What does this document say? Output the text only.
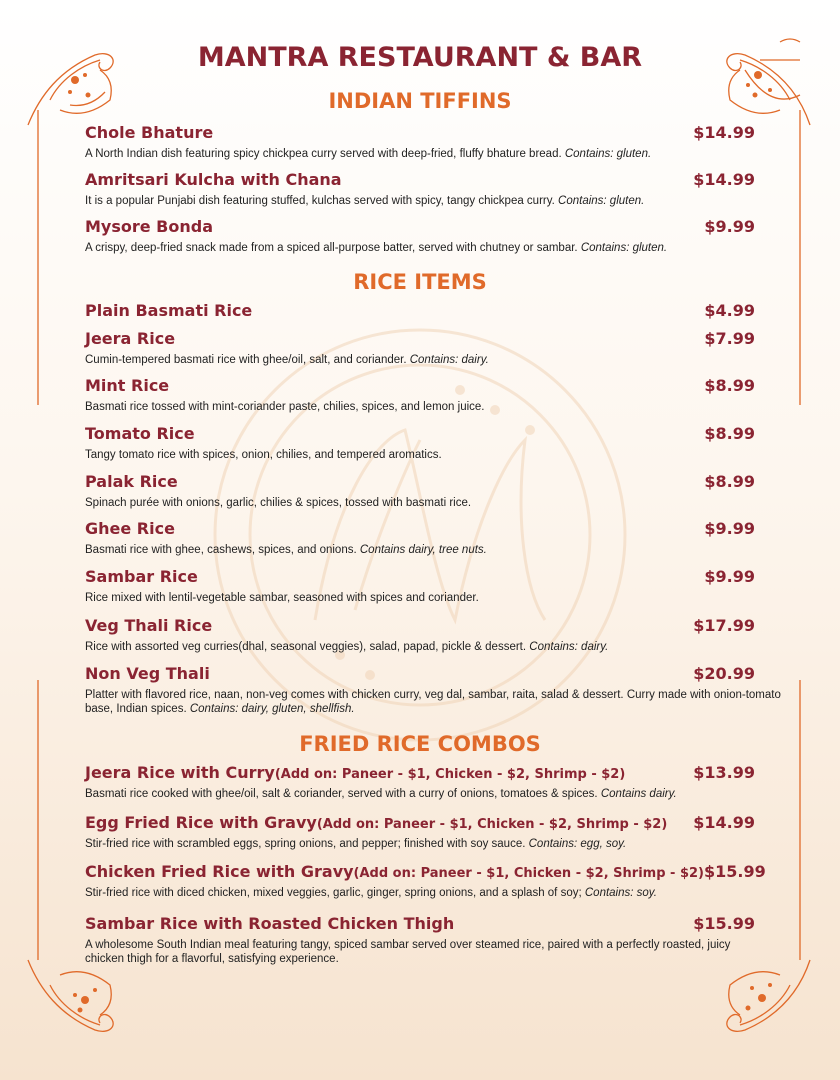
MANTRA RESTAURANT & BAR
INDIAN TIFFINS
Chole Bhature	$14.99
A North Indian dish featuring spicy chickpea curry served with deep-fried, fluffy bhature bread. Contains: gluten.
Amritsari Kulcha with Chana	$14.99
It is a popular Punjabi dish featuring stuffed, kulchas served with spicy, tangy chickpea curry. Contains: gluten.
Mysore Bonda	$9.99
A crispy, deep-fried snack made from a spiced all-purpose batter, served with chutney or sambar. Contains: gluten.
RICE ITEMS
Plain Basmati Rice	$4.99
Jeera Rice	$7.99
Cumin-tempered basmati rice with ghee/oil, salt, and coriander. Contains: dairy.
Mint Rice	$8.99
Basmati rice tossed with mint-coriander paste, chilies, spices, and lemon juice.
Tomato Rice	$8.99
Tangy tomato rice with spices, onion, chilies, and tempered aromatics.
Palak Rice	$8.99
Spinach purée with onions, garlic, chilies & spices, tossed with basmati rice.
Ghee Rice	$9.99
Basmati rice with ghee, cashews, spices, and onions. Contains dairy, tree nuts.
Sambar Rice	$9.99
Rice mixed with lentil-vegetable sambar, seasoned with spices and coriander.
Veg Thali Rice	$17.99
Rice with assorted veg curries(dhal, seasonal veggies), salad, papad, pickle & dessert. Contains: dairy.
Non Veg Thali	$20.99
Platter with flavored rice, naan, non-veg comes with chicken curry, veg dal, sambar, raita, salad & dessert. Curry made with onion-tomato base, Indian spices. Contains: dairy, gluten, shellfish.
FRIED RICE COMBOS
Jeera Rice with Curry(Add on: Paneer - $1, Chicken - $2, Shrimp - $2)	$13.99
Basmati rice cooked with ghee/oil, salt & coriander, served with a curry of onions, tomatoes & spices. Contains dairy.
Egg Fried Rice with Gravy(Add on: Paneer - $1, Chicken - $2, Shrimp - $2) $14.99
Stir-fried rice with scrambled eggs, spring onions, and pepper; finished with soy sauce. Contains: egg, soy.
Chicken Fried Rice with Gravy(Add on: Paneer - $1, Chicken - $2, Shrimp - $2) $15.99
Stir-fried rice with diced chicken, mixed veggies, garlic, ginger, spring onions, and a splash of soy; Contains: soy.
Sambar Rice with Roasted Chicken Thigh	$15.99
A wholesome South Indian meal featuring tangy, spiced sambar served over steamed rice, paired with a perfectly roasted, juicy chicken thigh for a flavorful, satisfying experience.
